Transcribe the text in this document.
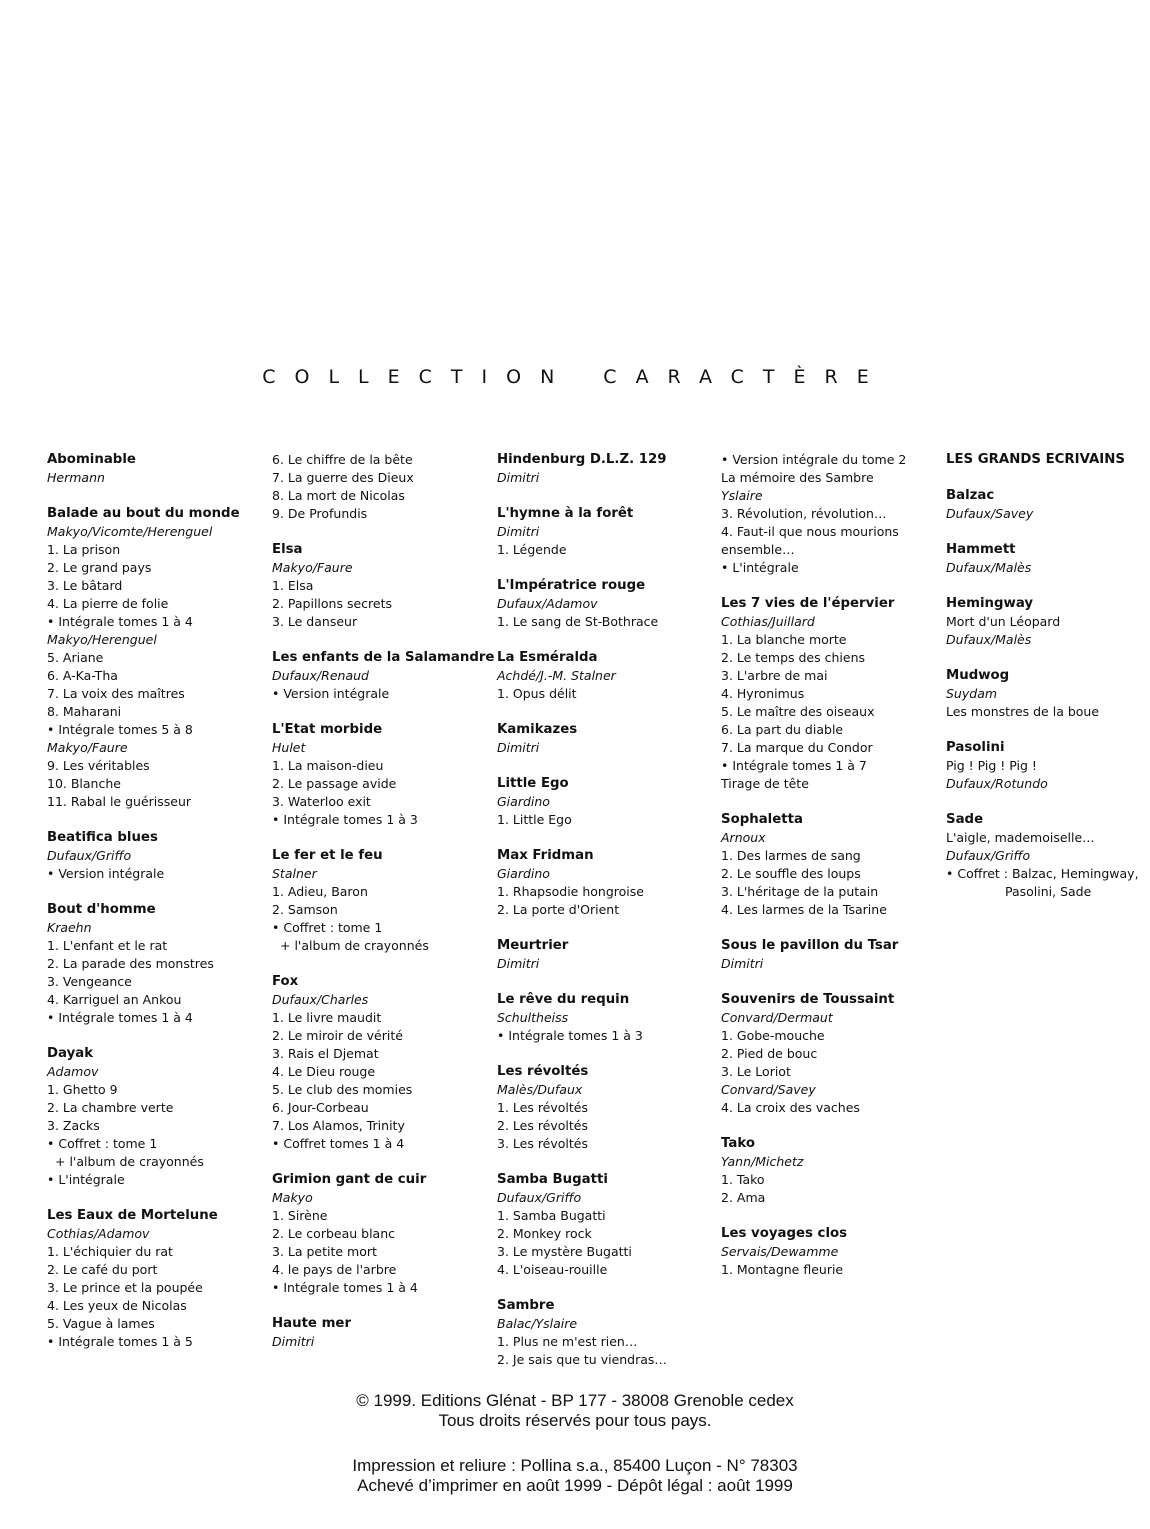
COLLECTION CARACTÈRE
Abominable
Hermann
Balade au bout du monde
Makyo/Vicomte/Herenguel
1. La prison
2. Le grand pays
3. Le bâtard
4. La pierre de folie
• Intégrale tomes 1 à 4
Makyo/Herenguel
5. Ariane
6. A-Ka-Tha
7. La voix des maîtres
8. Maharani
• Intégrale tomes 5 à 8
Makyo/Faure
9. Les véritables
10. Blanche
11. Rabal le guérisseur
Beatifica blues
Dufaux/Griffo
• Version intégrale
Bout d'homme
Kraehn
1. L'enfant et le rat
2. La parade des monstres
3. Vengeance
4. Karriguel an Ankou
• Intégrale tomes 1 à 4
Dayak
Adamov
1. Ghetto 9
2. La chambre verte
3. Zacks
• Coffret : tome 1
+ l'album de crayonnés
• L'intégrale
Les Eaux de Mortelune
Cothias/Adamov
1. L'échiquier du rat
2. Le café du port
3. Le prince et la poupée
4. Les yeux de Nicolas
5. Vague à lames
• Intégrale tomes 1 à 5
6. Le chiffre de la bête
7. La guerre des Dieux
8. La mort de Nicolas
9. De Profundis
Elsa
Makyo/Faure
1. Elsa
2. Papillons secrets
3. Le danseur
Les enfants de la Salamandre
Dufaux/Renaud
• Version intégrale
L'Etat morbide
Hulet
1. La maison-dieu
2. Le passage avide
3. Waterloo exit
• Intégrale tomes 1 à 3
Le fer et le feu
Stalner
1. Adieu, Baron
2. Samson
• Coffret : tome 1
+ l'album de crayonnés
Fox
Dufaux/Charles
1. Le livre maudit
2. Le miroir de vérité
3. Rais el Djemat
4. Le Dieu rouge
5. Le club des momies
6. Jour-Corbeau
7. Los Alamos, Trinity
• Coffret tomes 1 à 4
Grimion gant de cuir
Makyo
1. Sirène
2. Le corbeau blanc
3. La petite mort
4. le pays de l'arbre
• Intégrale tomes 1 à 4
Haute mer
Dimitri
Hindenburg D.L.Z. 129
Dimitri
L'hymne à la forêt
Dimitri
1. Légende
L'Impératrice rouge
Dufaux/Adamov
1. Le sang de St-Bothrace
La Esméralda
Achdé/J.-M. Stalner
1. Opus délit
Kamikazes
Dimitri
Little Ego
Giardino
1. Little Ego
Max Fridman
Giardino
1. Rhapsodie hongroise
2. La porte d'Orient
Meurtrier
Dimitri
Le rêve du requin
Schultheiss
• Intégrale tomes 1 à 3
Les révoltés
Malès/Dufaux
1. Les révoltés
2. Les révoltés
3. Les révoltés
Samba Bugatti
Dufaux/Griffo
1. Samba Bugatti
2. Monkey rock
3. Le mystère Bugatti
4. L'oiseau-rouille
Sambre
Balac/Yslaire
1. Plus ne m'est rien…
2. Je sais que tu viendras…
• Version intégrale du tome 2
La mémoire des Sambre
Yslaire
3. Révolution, révolution…
4. Faut-il que nous mourions
ensemble…
• L'intégrale
Les 7 vies de l'épervier
Cothias/Juillard
1. La blanche morte
2. Le temps des chiens
3. L'arbre de mai
4. Hyronimus
5. Le maître des oiseaux
6. La part du diable
7. La marque du Condor
• Intégrale tomes 1 à 7
Tirage de tête
Sophaletta
Arnoux
1. Des larmes de sang
2. Le souffle des loups
3. L'héritage de la putain
4. Les larmes de la Tsarine
Sous le pavillon du Tsar
Dimitri
Souvenirs de Toussaint
Convard/Dermaut
1. Gobe-mouche
2. Pied de bouc
3. Le Loriot
Convard/Savey
4. La croix des vaches
Tako
Yann/Michetz
1. Tako
2. Ama
Les voyages clos
Servais/Dewamme
1. Montagne fleurie
LES GRANDS ECRIVAINS
Balzac
Dufaux/Savey
Hammett
Dufaux/Malès
Hemingway
Mort d'un Léopard
Dufaux/Malès
Mudwog
Suydam
Les monstres de la boue
Pasolini
Pig ! Pig ! Pig !
Dufaux/Rotundo
Sade
L'aigle, mademoiselle…
Dufaux/Griffo
• Coffret : Balzac, Hemingway,
Pasolini, Sade
© 1999. Editions Glénat - BP 177 - 38008 Grenoble cedex
Tous droits réservés pour tous pays.
Impression et reliure : Pollina s.a., 85400 Luçon - N° 78303
Achevé d’imprimer en août 1999 - Dépôt légal : août 1999
